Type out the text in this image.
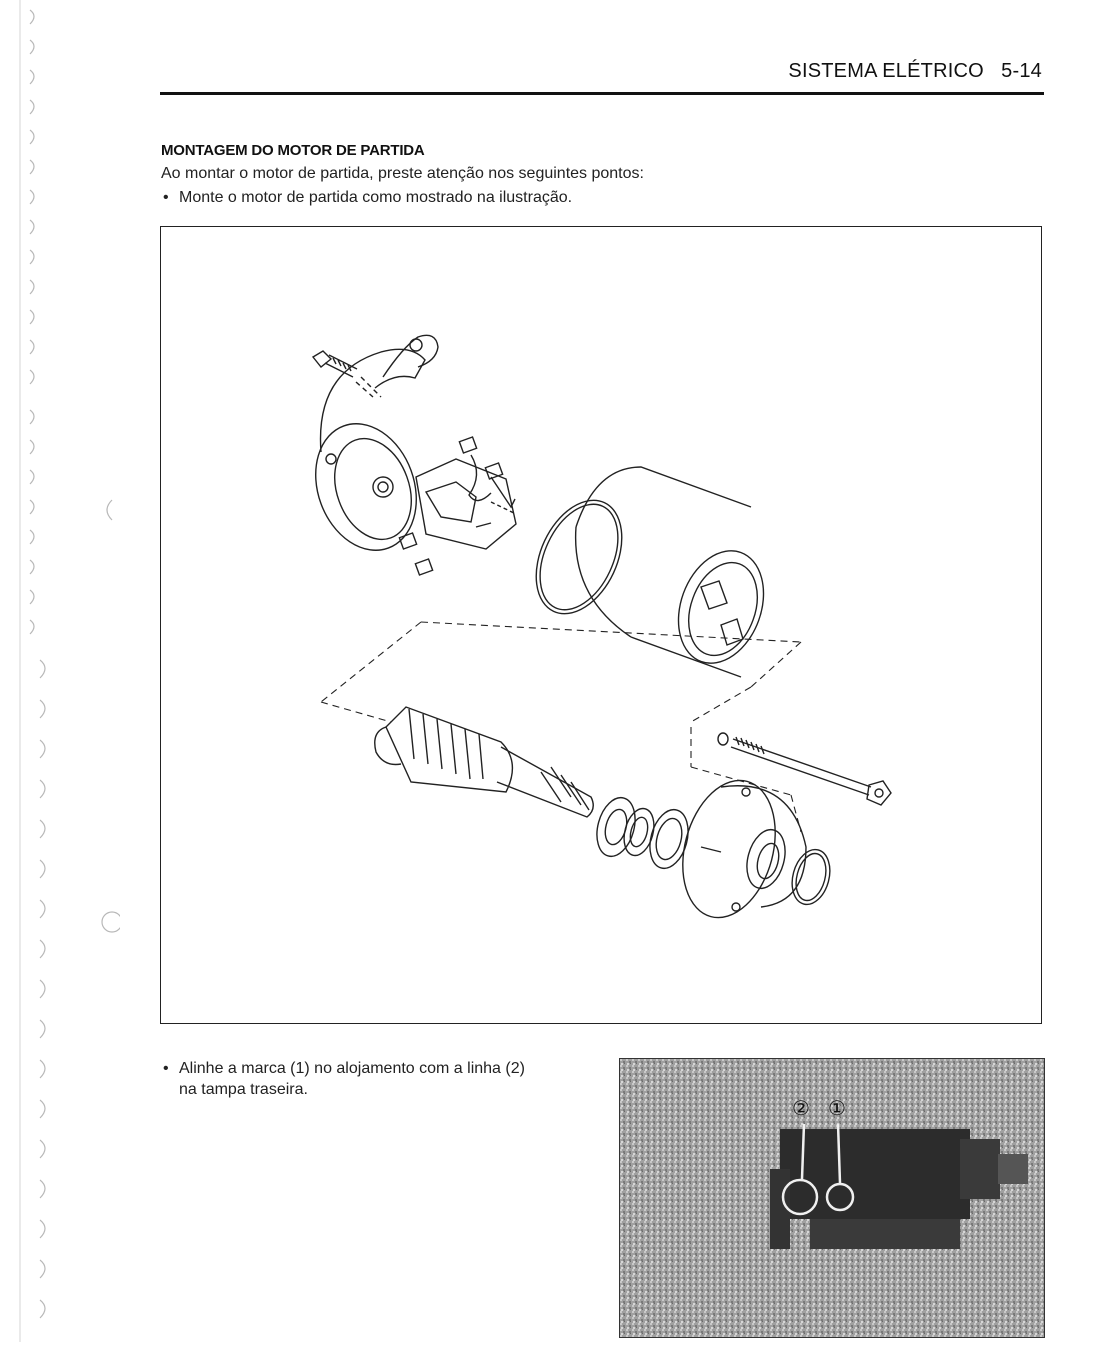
SISTEMA ELÉTRICO   5-14
MONTAGEM DO MOTOR DE PARTIDA
Ao montar o motor de partida, preste atenção nos seguintes pontos:
• Monte o motor de partida como mostrado na ilustração.
• Alinhe a marca (1) no alojamento com a linha (2)
na tampa traseira.
② ①
